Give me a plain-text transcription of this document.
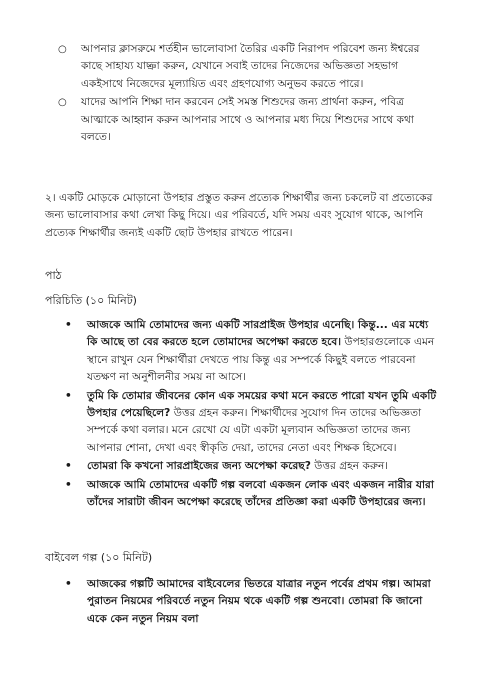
○ আপনার ক্লাসরুমে শর্তহীন ভালোবাসা তৈরির একটি নিরাপদ পরিবেশ জন্য ঈশ্বরের কাছে সাহায্য যাচ্ঞা করুন, যেখানে সবাই তাদের নিজেদের অভিজ্ঞতা সহভাগ একইসাথে নিজেদের মূল্যায়িত এবং গ্রহণযোগ্য অনুভব করতে পারে।
○ যাদের আপনি শিক্ষা দান করবেন সেই সমস্ত শিশুদের জন্য প্রার্থনা করুন, পবিত্র আত্মাকে আহ্বান করুন আপনার সাথে ও আপনার মধ্য দিয়ে শিশুদের সাথে কথা বলতে।
২। একটি মোড়কে মোড়ানো উপহার প্রস্তুত করুন প্রত্যেক শিক্ষার্থীর জন্য চকলেট বা প্রত্যেকের জন্য ভালোবাসার কথা লেখা কিছু দিয়ে। এর পরিবর্তে, যদি সময় এবং সুযোগ থাকে, আপনি প্রত্যেক শিক্ষার্থীর জন্যই একটি ছোট উপহার রাখতে পারেন।
পাঠ
পরিচিতি (১০ মিনিট)
• আজকে আমি তোমাদের জন্য একটি সারপ্রাইজ উপহার এনেছি। কিন্তু... এর মধ্যে কি আছে তা বের করতে হলে তোমাদের অপেক্ষা করতে হবে। উপহারগুলোকে এমন স্থানে রাখুন যেন শিক্ষার্থীরা দেখতে পায় কিন্তু এর সম্পর্কে কিছুই বলতে পারবেনা যতক্ষণ না অনুশীলনীর সময় না আসে।
• তুমি কি তোমার জীবনের কোন এক সময়ের কথা মনে করতে পারো যখন তুমি একটি উপহার পেয়েছিলে? উত্তর গ্রহন করুন। শিক্ষার্থীদের সুযোগ দিন তাদের অভিজ্ঞতা সম্পর্কে কথা বলার। মনে রেখো যে এটা একটা মূল্যবান অভিজ্ঞতা তাদের জন্য আপনার শোনা, দেখা এবং স্বীকৃতি দেয়া, তাদের নেতা এবং শিক্ষক হিসেবে।
• তোমরা কি কখনো সারপ্রাইজের জন্য অপেক্ষা করেছ? উত্তর গ্রহন করুন।
• আজকে আমি তোমাদের একটি গল্প বলবো একজন লোক এবং একজন নারীর যারা তাঁদের সারাটা জীবন অপেক্ষা করেছে তাঁদের প্রতিজ্ঞা করা একটি উপহারের জন্য।
বাইবেল গল্প (১০ মিনিট)
• আজকের গল্পটি আমাদের বাইবেলের ভিতরে যাত্রার নতুন পর্বের প্রথম গল্প। আমরা পুরাতন নিয়মের পরিবর্তে নতুন নিয়ম থকে একটি গল্প শুনবো। তোমরা কি জানো একে কেন নতুন নিয়ম বলা
